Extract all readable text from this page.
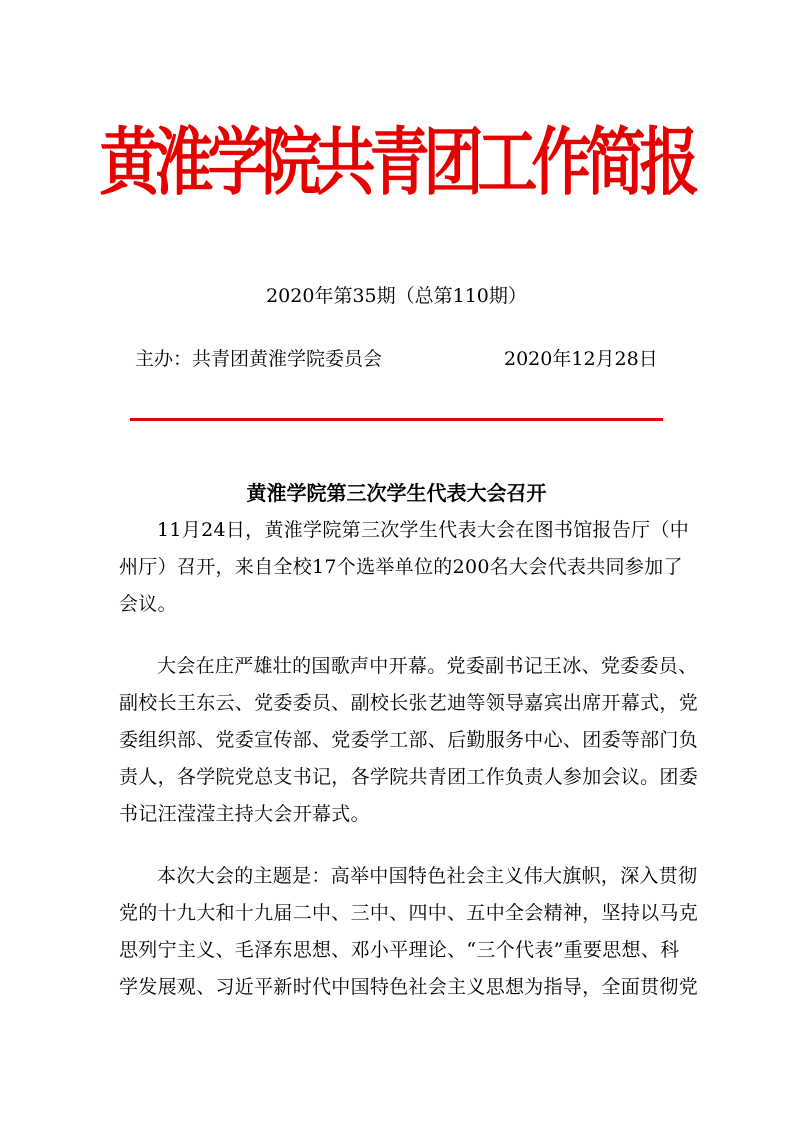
黄淮学院共青团工作简报
2020年第35期（总第110期）
主办：共青团黄淮学院委员会	2020年12月28日
黄淮学院第三次学生代表大会召开
11月24日，黄淮学院第三次学生代表大会在图书馆报告厅（中
州厅）召开，来自全校17个选举单位的200名大会代表共同参加了
会议。
大会在庄严雄壮的国歌声中开幕。党委副书记王冰、党委委员、
副校长王东云、党委委员、副校长张艺迪等领导嘉宾出席开幕式，党
委组织部、党委宣传部、党委学工部、后勤服务中心、团委等部门负
责人，各学院党总支书记，各学院共青团工作负责人参加会议。团委
书记汪滢滢主持大会开幕式。
本次大会的主题是：高举中国特色社会主义伟大旗帜，深入贯彻
党的十九大和十九届二中、三中、四中、五中全会精神，坚持以马克
思列宁主义、毛泽东思想、邓小平理论、“三个代表”重要思想、科
学发展观、习近平新时代中国特色社会主义思想为指导，全面贯彻党
